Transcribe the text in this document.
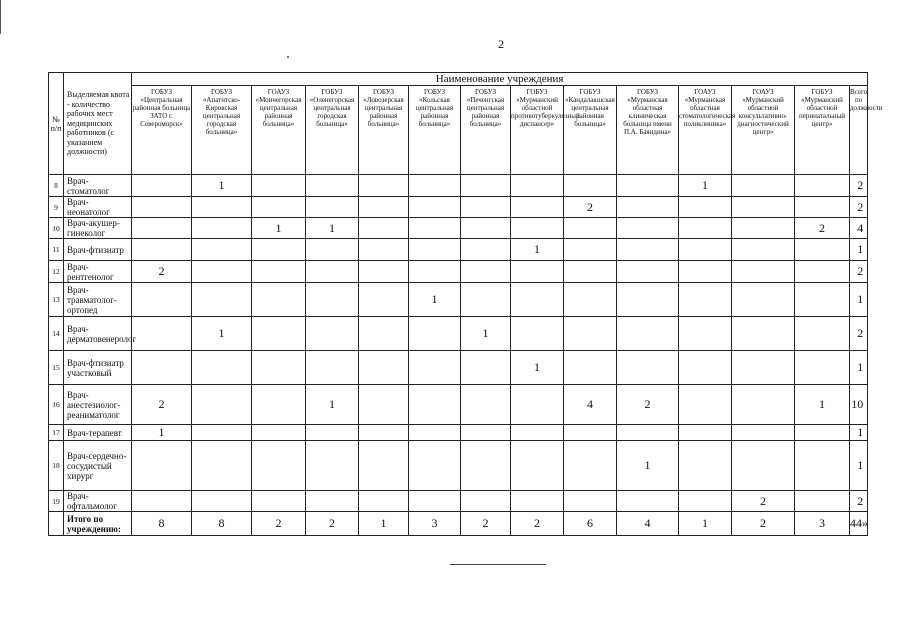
2
№ п/п	Выделяемая квота - количество рабочих мест медицинских работников (с указанием должности)	Наименование учреждения													
		ГОБУЗ «Центральная районная больница ЗАТО г. Североморск»	ГОБУЗ «Апатитско-Кировская центральная городская больница»	ГОАУЗ «Мончегорская центральная районная больница»	ГОБУЗ «Оленегорская центральная городская больница»	ГОБУЗ «Ловозерская центральная районная больница»	ГОБУЗ «Кольская центральная районная больница»	ГОБУЗ «Печенгская центральная районная больница»	ГОБУЗ «Мурманский областной противотуберкулезный диспансер»	ГОБУЗ «Кандалакшская центральная районная больница»	ГОБУЗ «Мурманская областная клиническая больница имени П.А. Баяндина»	ГОАУЗ «Мурманская областная стоматологическая поликлиника»	ГОАУЗ «Мурманский областной консультативно-диагностический центр»	ГОБУЗ «Мурманский областной перинатальный центр»	Всего по должности
8	Врач-стоматолог		1									1			2
9	Врач-неонатолог									2					2
10	Врач-акушер-гинеколог			1	1									2	4
11	Врач-фтизиатр								1						1
12	Врач-рентгенолог	2													2
13	Врач-травматолог-ортопед						1								1
14	Врач-дерматовенеролог		1					1							2
15	Врач-фтизиатр участковый								1						1
16	Врач-анестезиолог-реаниматолог	2			1					4	2			1	10
17	Врач-терапевт	1													1
18	Врач-сердечно-сосудистый хирург										1				1
19	Врач-офтальмолог												2		2
	Итого по учреждению:	8	8	2	2	1	3	2	2	6	4	1	2	3	44»
